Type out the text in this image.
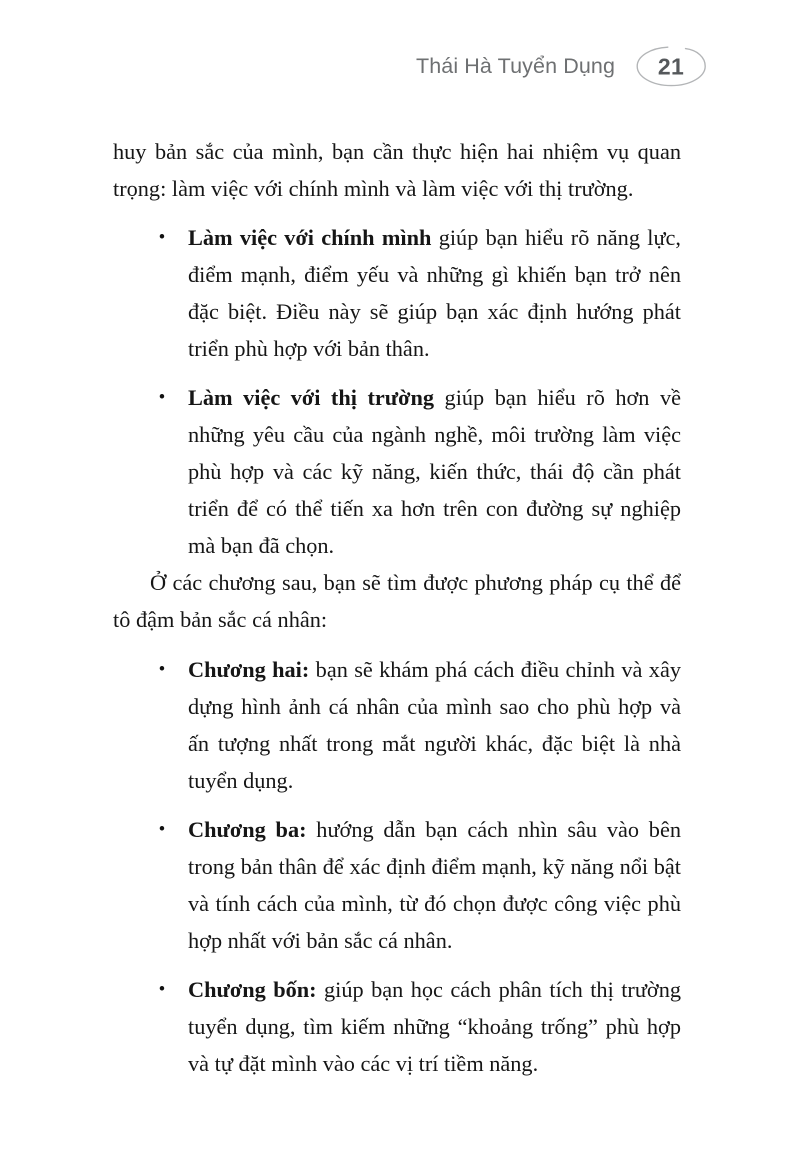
Thái Hà Tuyển Dụng 21

huy bản sắc của mình, bạn cần thực hiện hai nhiệm vụ quan trọng: làm việc với chính mình và làm việc với thị trường.

• Làm việc với chính mình giúp bạn hiểu rõ năng lực, điểm mạnh, điểm yếu và những gì khiến bạn trở nên đặc biệt. Điều này sẽ giúp bạn xác định hướng phát triển phù hợp với bản thân.
• Làm việc với thị trường giúp bạn hiểu rõ hơn về những yêu cầu của ngành nghề, môi trường làm việc phù hợp và các kỹ năng, kiến thức, thái độ cần phát triển để có thể tiến xa hơn trên con đường sự nghiệp mà bạn đã chọn.

Ở các chương sau, bạn sẽ tìm được phương pháp cụ thể để tô đậm bản sắc cá nhân:

• Chương hai: bạn sẽ khám phá cách điều chỉnh và xây dựng hình ảnh cá nhân của mình sao cho phù hợp và ấn tượng nhất trong mắt người khác, đặc biệt là nhà tuyển dụng.
• Chương ba: hướng dẫn bạn cách nhìn sâu vào bên trong bản thân để xác định điểm mạnh, kỹ năng nổi bật và tính cách của mình, từ đó chọn được công việc phù hợp nhất với bản sắc cá nhân.
• Chương bốn: giúp bạn học cách phân tích thị trường tuyển dụng, tìm kiếm những “khoảng trống” phù hợp và tự đặt mình vào các vị trí tiềm năng.
